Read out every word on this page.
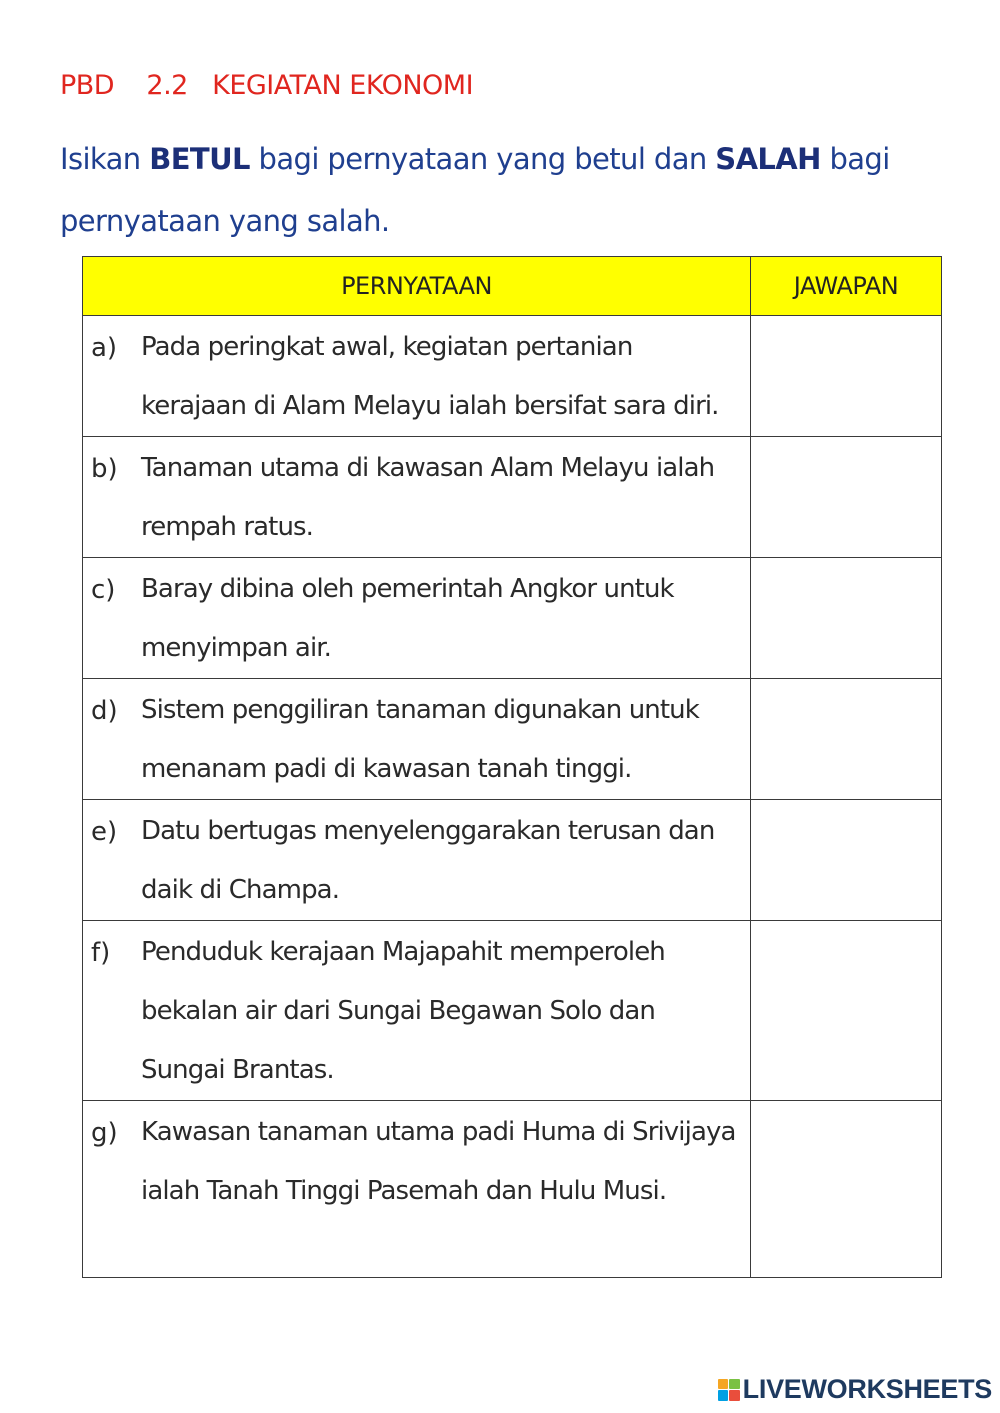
PBD    2.2   KEGIATAN EKONOMI
Isikan BETUL bagi pernyataan yang betul dan SALAH bagi pernyataan yang salah.
PERNYATAAN	JAWAPAN

a) Pada peringkat awal, kegiatan pertanian kerajaan di Alam Melayu ialah bersifat sara diri.	

b) Tanaman utama di kawasan Alam Melayu ialah rempah ratus.	

c) Baray dibina oleh pemerintah Angkor untuk menyimpan air.	

d) Sistem penggiliran tanaman digunakan untuk menanam padi di kawasan tanah tinggi.	

e) Datu bertugas menyelenggarakan terusan dan daik di Champa.	

f) Penduduk kerajaan Majapahit memperoleh bekalan air dari Sungai Begawan Solo dan Sungai Brantas.	

g) Kawasan tanaman utama padi Huma di Srivijaya ialah Tanah Tinggi Pasemah dan Hulu Musi.	

LIVEWORKSHEETS
